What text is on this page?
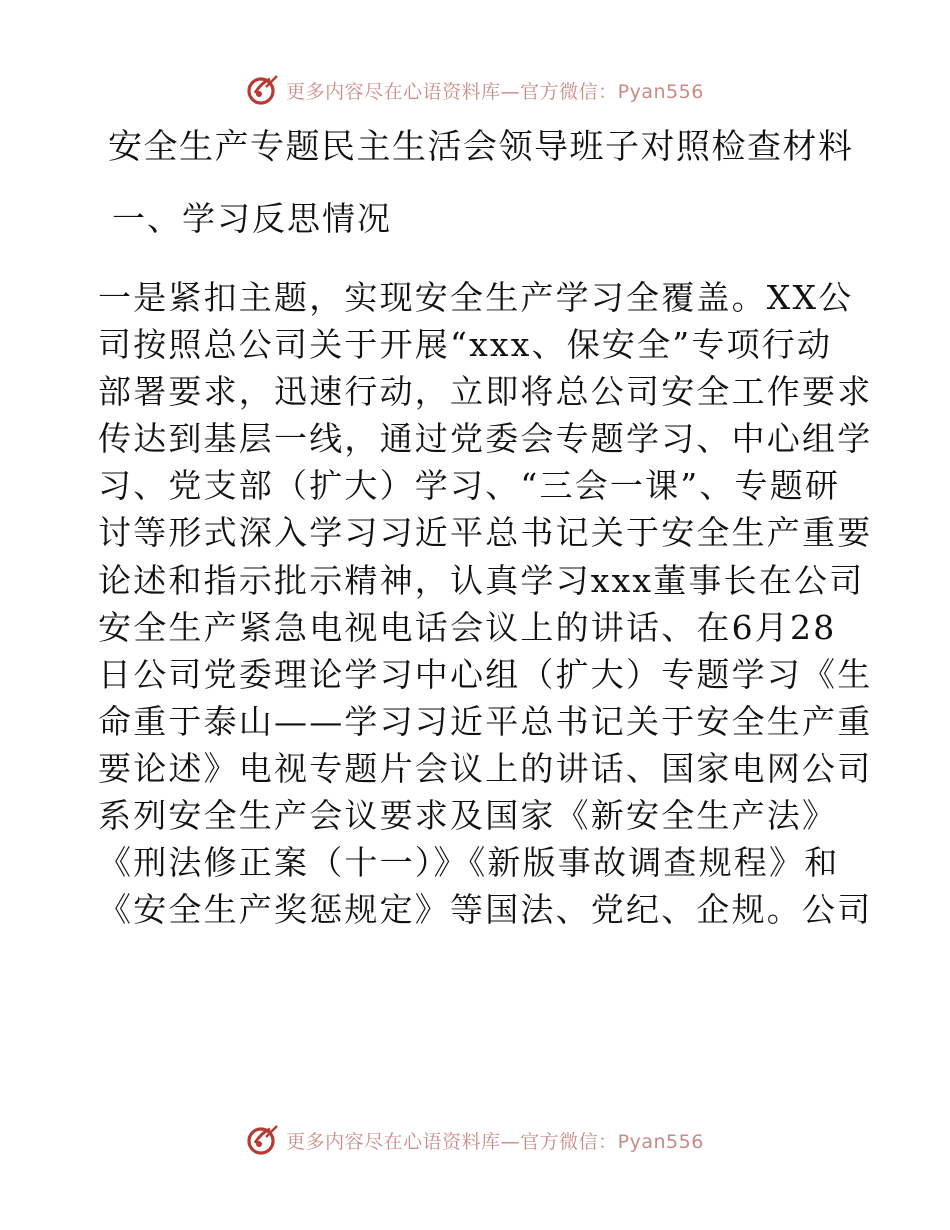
更多内容尽在心语资料库—官方微信：Pyan556
安全生产专题民主生活会领导班子对照检查材料
一、学习反思情况
一是紧扣主题，实现安全生产学习全覆盖。XX公
司按照总公司关于开展“xxx、保安全”专项行动
部署要求，迅速行动，立即将总公司安全工作要求
传达到基层一线，通过党委会专题学习、中心组学
习、党支部（扩大）学习、“三会一课”、专题研
讨等形式深入学习习近平总书记关于安全生产重要
论述和指示批示精神，认真学习xxx董事长在公司
安全生产紧急电视电话会议上的讲话、在6月28
日公司党委理论学习中心组（扩大）专题学习《生
命重于泰山——学习习近平总书记关于安全生产重
要论述》电视专题片会议上的讲话、国家电网公司
系列安全生产会议要求及国家《新安全生产法》
《刑法修正案（十一）》《新版事故调查规程》和
《安全生产奖惩规定》等国法、党纪、企规。公司
更多内容尽在心语资料库—官方微信：Pyan556
